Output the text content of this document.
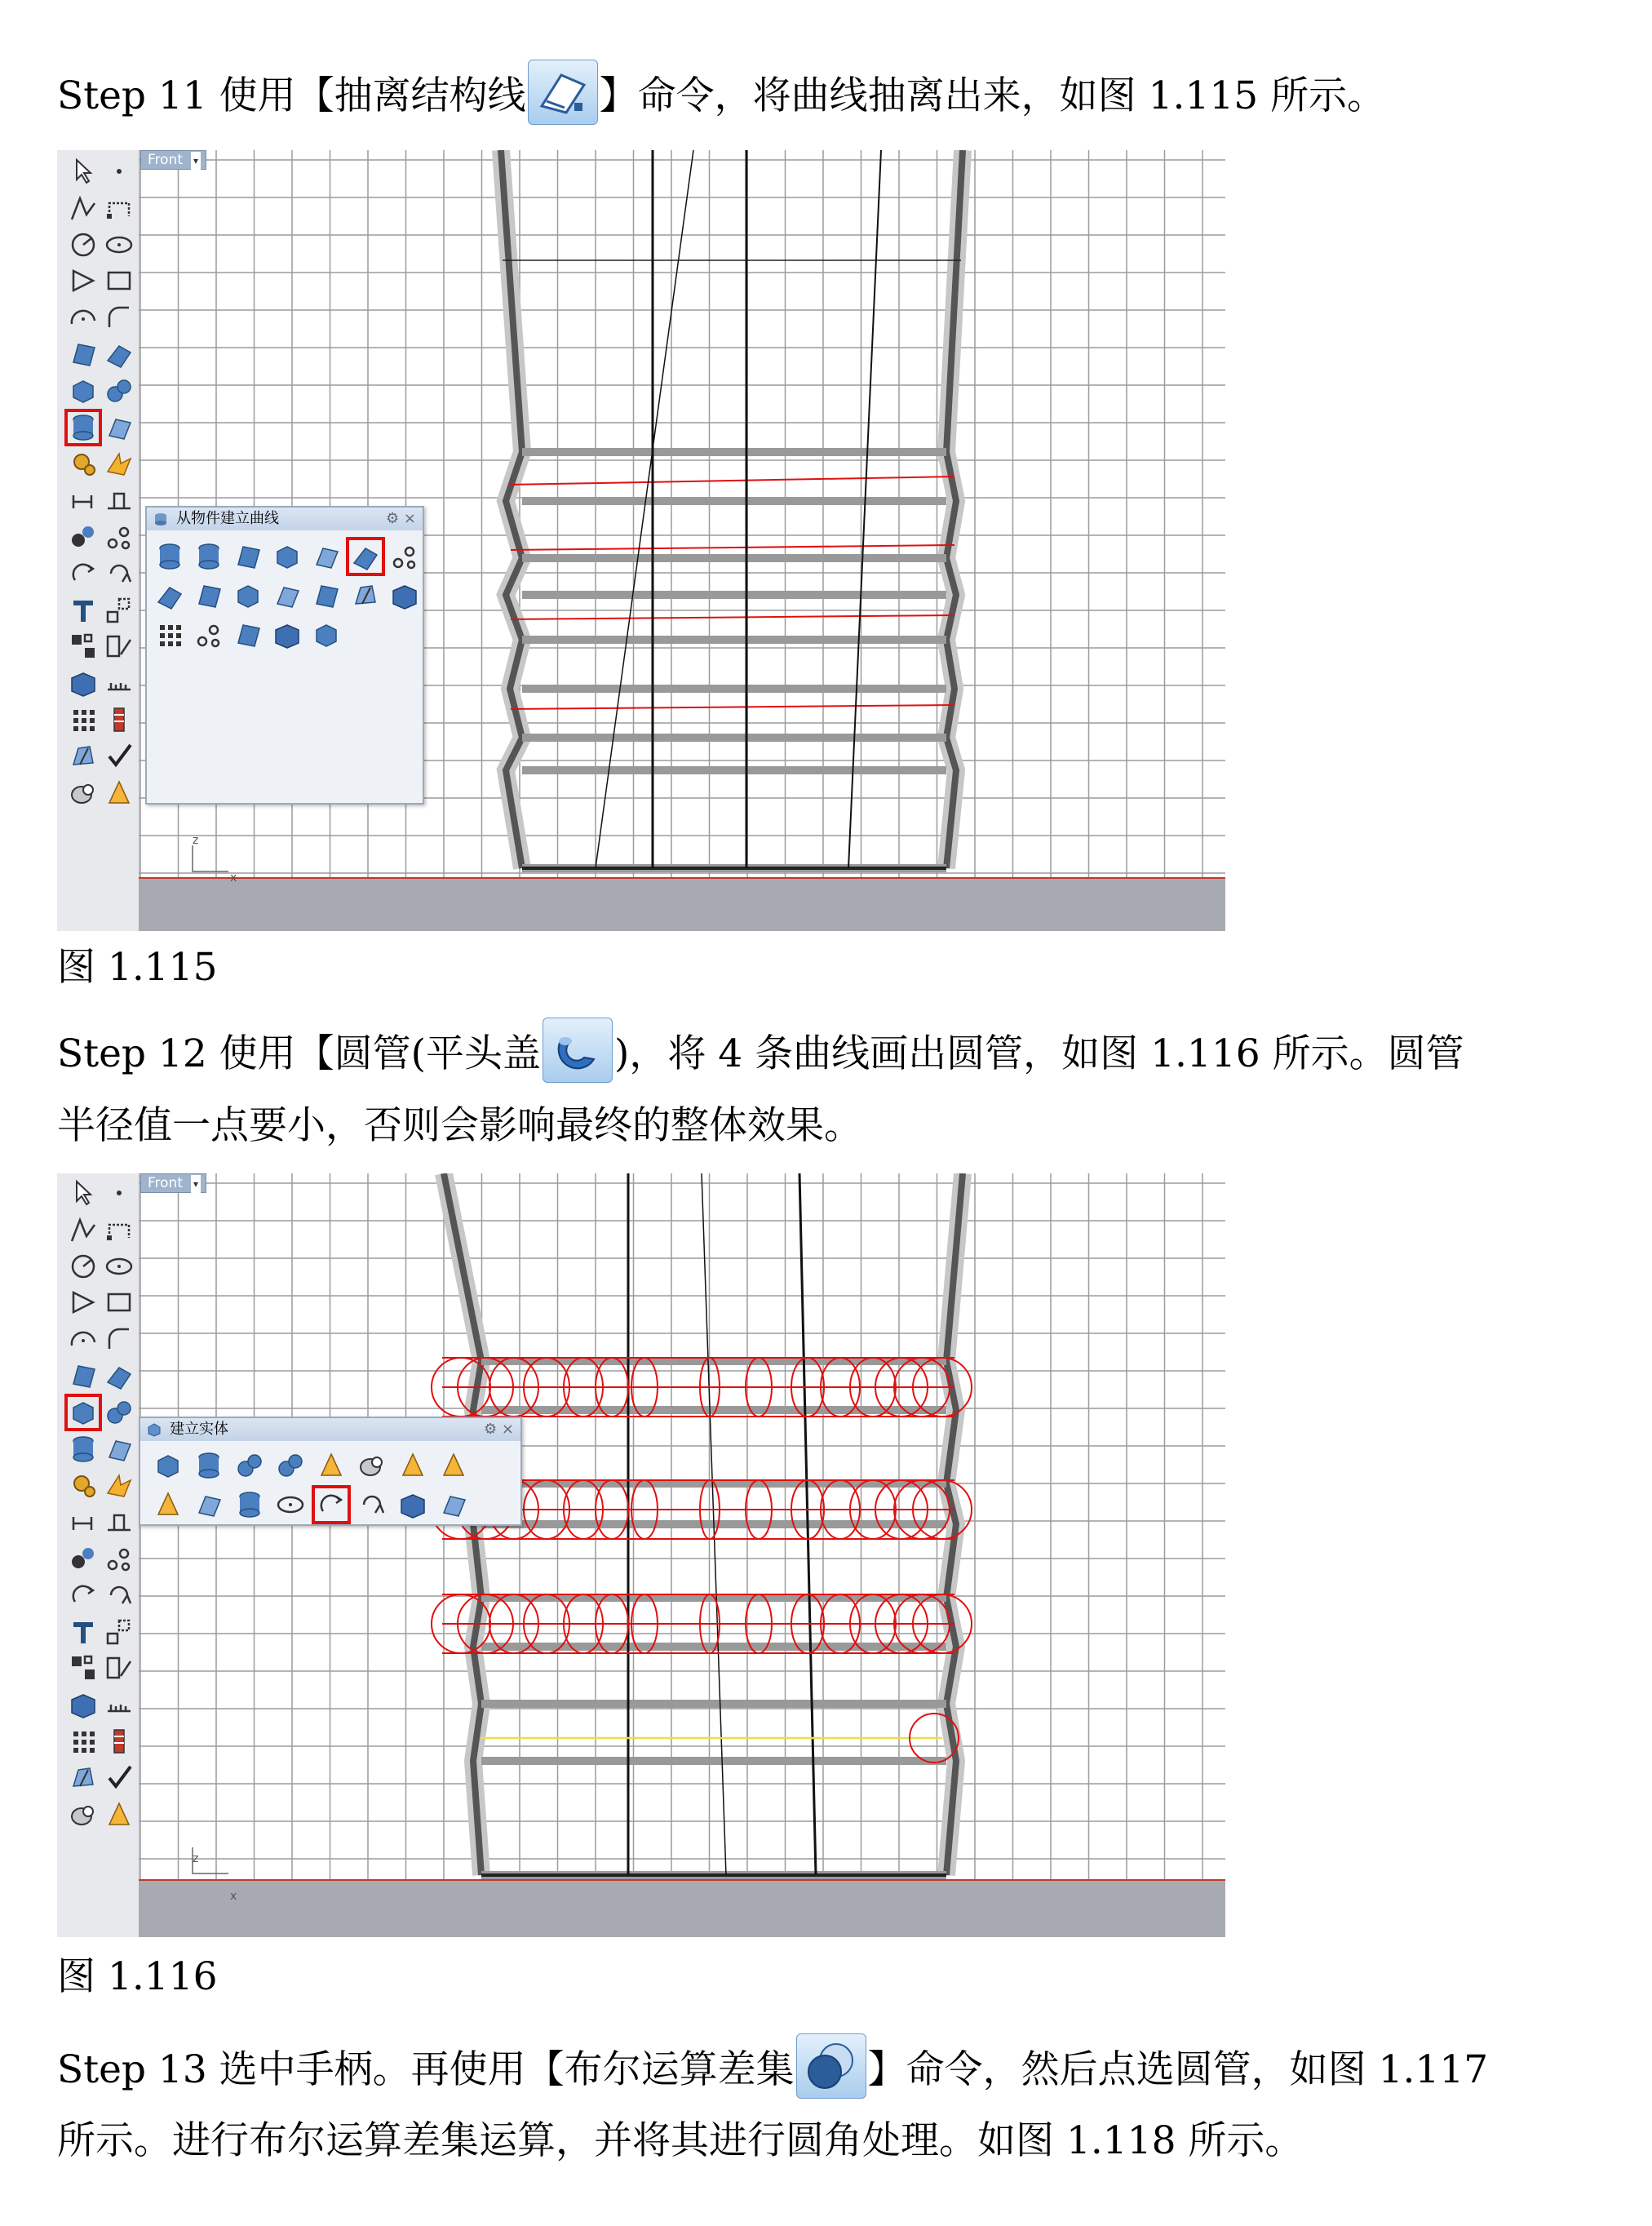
Step 11 使用【抽离结构线 】命令，将曲线抽离出来，如图 1.115 所示。
Front ▾
z
x
从物件建立曲线	⚙ ×
图 1.115
Step 12 使用【圆管(平头盖 )，将 4 条曲线画出圆管，如图 1.116 所示。圆管
半径值一点要小，否则会影响最终的整体效果。
Front ▾
z
x
建立实体	⚙ ×
图 1.116
Step 13 选中手柄。再使用【布尔运算差集 】命令，然后点选圆管，如图 1.117
所示。进行布尔运算差集运算，并将其进行圆角处理。如图 1.118 所示。
